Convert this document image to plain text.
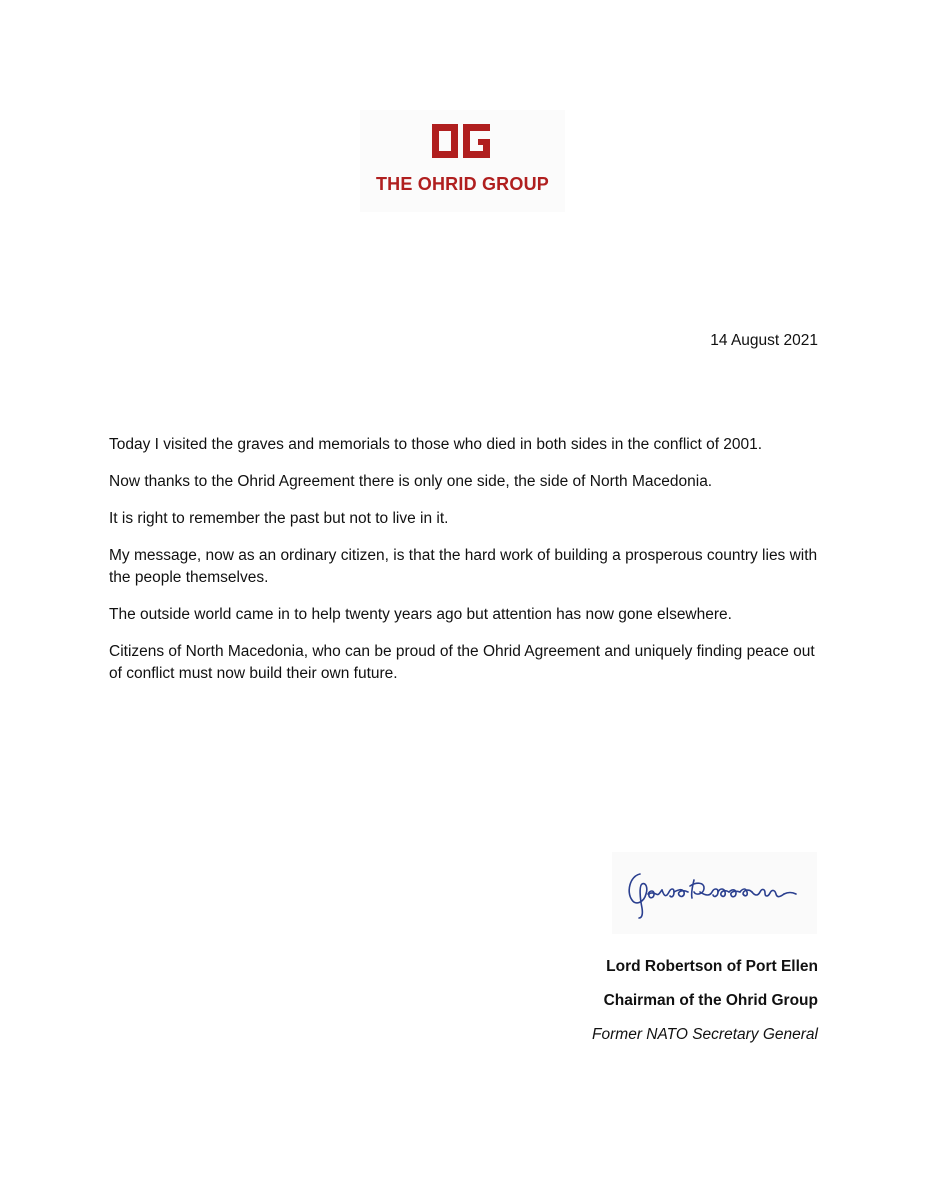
THE OHRID GROUP
14 August 2021

Today I visited the graves and memorials to those who died in both sides in the conflict of 2001.

Now thanks to the Ohrid Agreement there is only one side, the side of North Macedonia.

It is right to remember the past but not to live in it.

My message, now as an ordinary citizen, is that the hard work of building a prosperous country lies with the people themselves.

The outside world came in to help twenty years ago but attention has now gone elsewhere.

Citizens of North Macedonia, who can be proud of the Ohrid Agreement and uniquely finding peace out of conflict must now build their own future.

Lord Robertson of Port Ellen
Chairman of the Ohrid Group
Former NATO Secretary General
